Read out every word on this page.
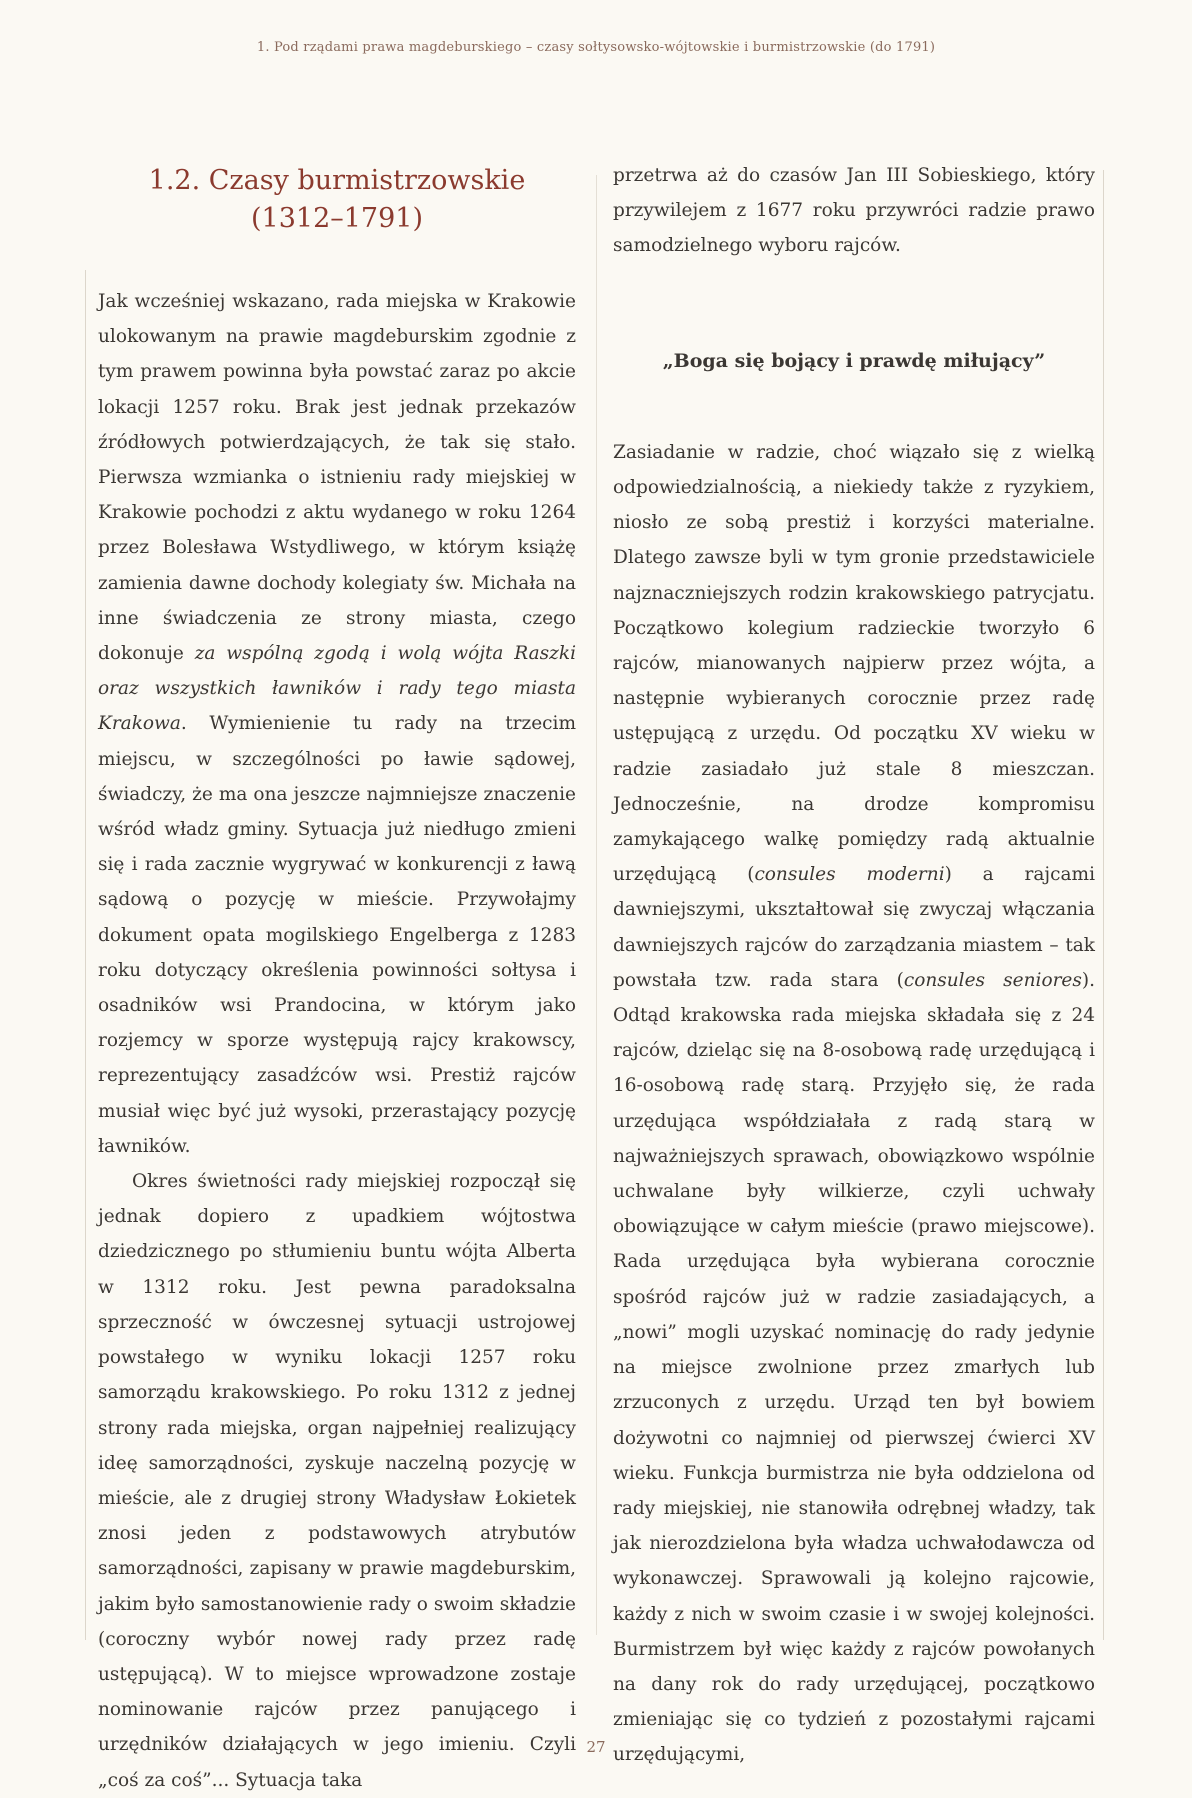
1. Pod rządami prawa magdeburskiego – czasy sołtysowsko-wójtowskie i burmistrzowskie (do 1791)
1.2. Czasy burmistrzowskie
(1312–1791)

Jak wcześniej wskazano, rada miejska w Krakowie ulokowanym na prawie magdeburskim zgodnie z tym prawem powinna była powstać zaraz po akcie lokacji 1257 roku. Brak jest jednak przekazów źródłowych potwierdzających, że tak się stało. Pierwsza wzmianka o istnieniu rady miejskiej w Krakowie pochodzi z aktu wydanego w roku 1264 przez Bolesława Wstydliwego, w którym książę zamienia dawne dochody kolegiaty św. Michała na inne świadczenia ze strony miasta, czego dokonuje za wspólną zgodą i wolą wójta Raszki oraz wszystkich ławników i rady tego miasta Krakowa. Wymienienie tu rady na trzecim miejscu, w szczególności po ławie sądowej, świadczy, że ma ona jeszcze najmniejsze znaczenie wśród władz gminy. Sytuacja już niedługo zmieni się i rada zacznie wygrywać w konkurencji z ławą sądową o pozycję w mieście. Przywołajmy dokument opata mogilskiego Engelberga z 1283 roku dotyczący określenia powinności sołtysa i osadników wsi Prandocina, w którym jako rozjemcy w sporze występują rajcy krakowscy, reprezentujący zasadźców wsi. Prestiż rajców musiał więc być już wysoki, przerastający pozycję ławników.

Okres świetności rady miejskiej rozpoczął się jednak dopiero z upadkiem wójtostwa dziedzicznego po stłumieniu buntu wójta Alberta w 1312 roku. Jest pewna paradoksalna sprzeczność w ówczesnej sytuacji ustrojowej powstałego w wyniku lokacji 1257 roku samorządu krakowskiego. Po roku 1312 z jednej strony rada miejska, organ najpełniej realizujący ideę samorządności, zyskuje naczelną pozycję w mieście, ale z drugiej strony Władysław Łokietek znosi jeden z podstawowych atrybutów samorządności, zapisany w prawie magdeburskim, jakim było samostanowienie rady o swoim składzie (coroczny wybór nowej rady przez radę ustępującą). W to miejsce wprowadzone zostaje nominowanie rajców przez panującego i urzędników działających w jego imieniu. Czyli „coś za coś”... Sytuacja taka

przetrwa aż do czasów Jan III Sobieskiego, który przywilejem z 1677 roku przywróci radzie prawo samodzielnego wyboru rajców.

„Boga się bojący i prawdę miłujący”

Zasiadanie w radzie, choć wiązało się z wielką odpowiedzialnością, a niekiedy także z ryzykiem, niosło ze sobą prestiż i korzyści materialne. Dlatego zawsze byli w tym gronie przedstawiciele najznaczniejszych rodzin krakowskiego patrycjatu. Początkowo kolegium radzieckie tworzyło 6 rajców, mianowanych najpierw przez wójta, a następnie wybieranych corocznie przez radę ustępującą z urzędu. Od początku XV wieku w radzie zasiadało już stale 8 mieszczan. Jednocześnie, na drodze kompromisu zamykającego walkę pomiędzy radą aktualnie urzędującą (consules moderni) a rajcami dawniejszymi, ukształtował się zwyczaj włączania dawniejszych rajców do zarządzania miastem – tak powstała tzw. rada stara (consules seniores). Odtąd krakowska rada miejska składała się z 24 rajców, dzieląc się na 8-osobową radę urzędującą i 16-osobową radę starą. Przyjęło się, że rada urzędująca współdziałała z radą starą w najważniejszych sprawach, obowiązkowo wspólnie uchwalane były wilkierze, czyli uchwały obowiązujące w całym mieście (prawo miejscowe). Rada urzędująca była wybierana corocznie spośród rajców już w radzie zasiadających, a „nowi” mogli uzyskać nominację do rady jedynie na miejsce zwolnione przez zmarłych lub zrzuconych z urzędu. Urząd ten był bowiem dożywotni co najmniej od pierwszej ćwierci XV wieku. Funkcja burmistrza nie była oddzielona od rady miejskiej, nie stanowiła odrębnej władzy, tak jak nierozdzielona była władza uchwałodawcza od wykonawczej. Sprawowali ją kolejno rajcowie, każdy z nich w swoim czasie i w swojej kolejności. Burmistrzem był więc każdy z rajców powołanych na dany rok do rady urzędującej, początkowo zmieniając się co tydzień z pozostałymi rajcami urzędującymi,

27
